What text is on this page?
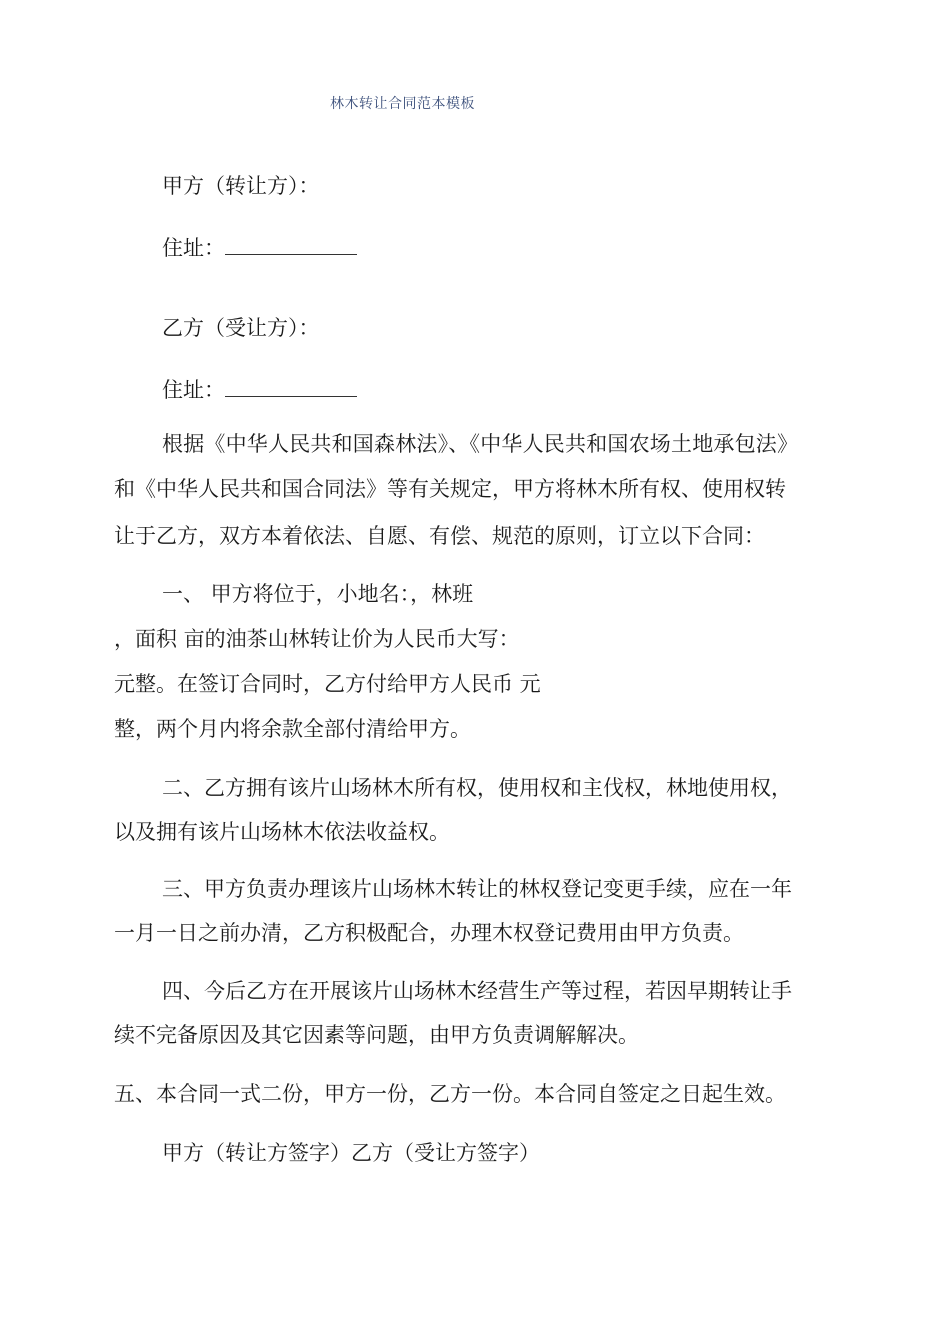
林木转让合同范本模板
甲方（转让方）：
住址：
乙方（受让方）：
住址：
根据《中华人民共和国森林法》、《中华人民共和国农场土地承包法》
和《中华人民共和国合同法》等有关规定，甲方将林木所有权、使用权转
让于乙方，双方本着依法、自愿、有偿、规范的原则，订立以下合同：
一、 甲方将位于，小地名：，林班
，面积 亩的油茶山林转让价为人民币大写：
元整。在签订合同时，乙方付给甲方人民币 元
整，两个月内将余款全部付清给甲方。
二、乙方拥有该片山场林木所有权，使用权和主伐权，林地使用权，
以及拥有该片山场林木依法收益权。
三、甲方负责办理该片山场林木转让的林权登记变更手续，应在一年
一月一日之前办清，乙方积极配合，办理木权登记费用由甲方负责。
四、今后乙方在开展该片山场林木经营生产等过程，若因早期转让手
续不完备原因及其它因素等问题，由甲方负责调解解决。
五、本合同一式二份，甲方一份，乙方一份。本合同自签定之日起生效。
甲方（转让方签字）乙方（受让方签字）
